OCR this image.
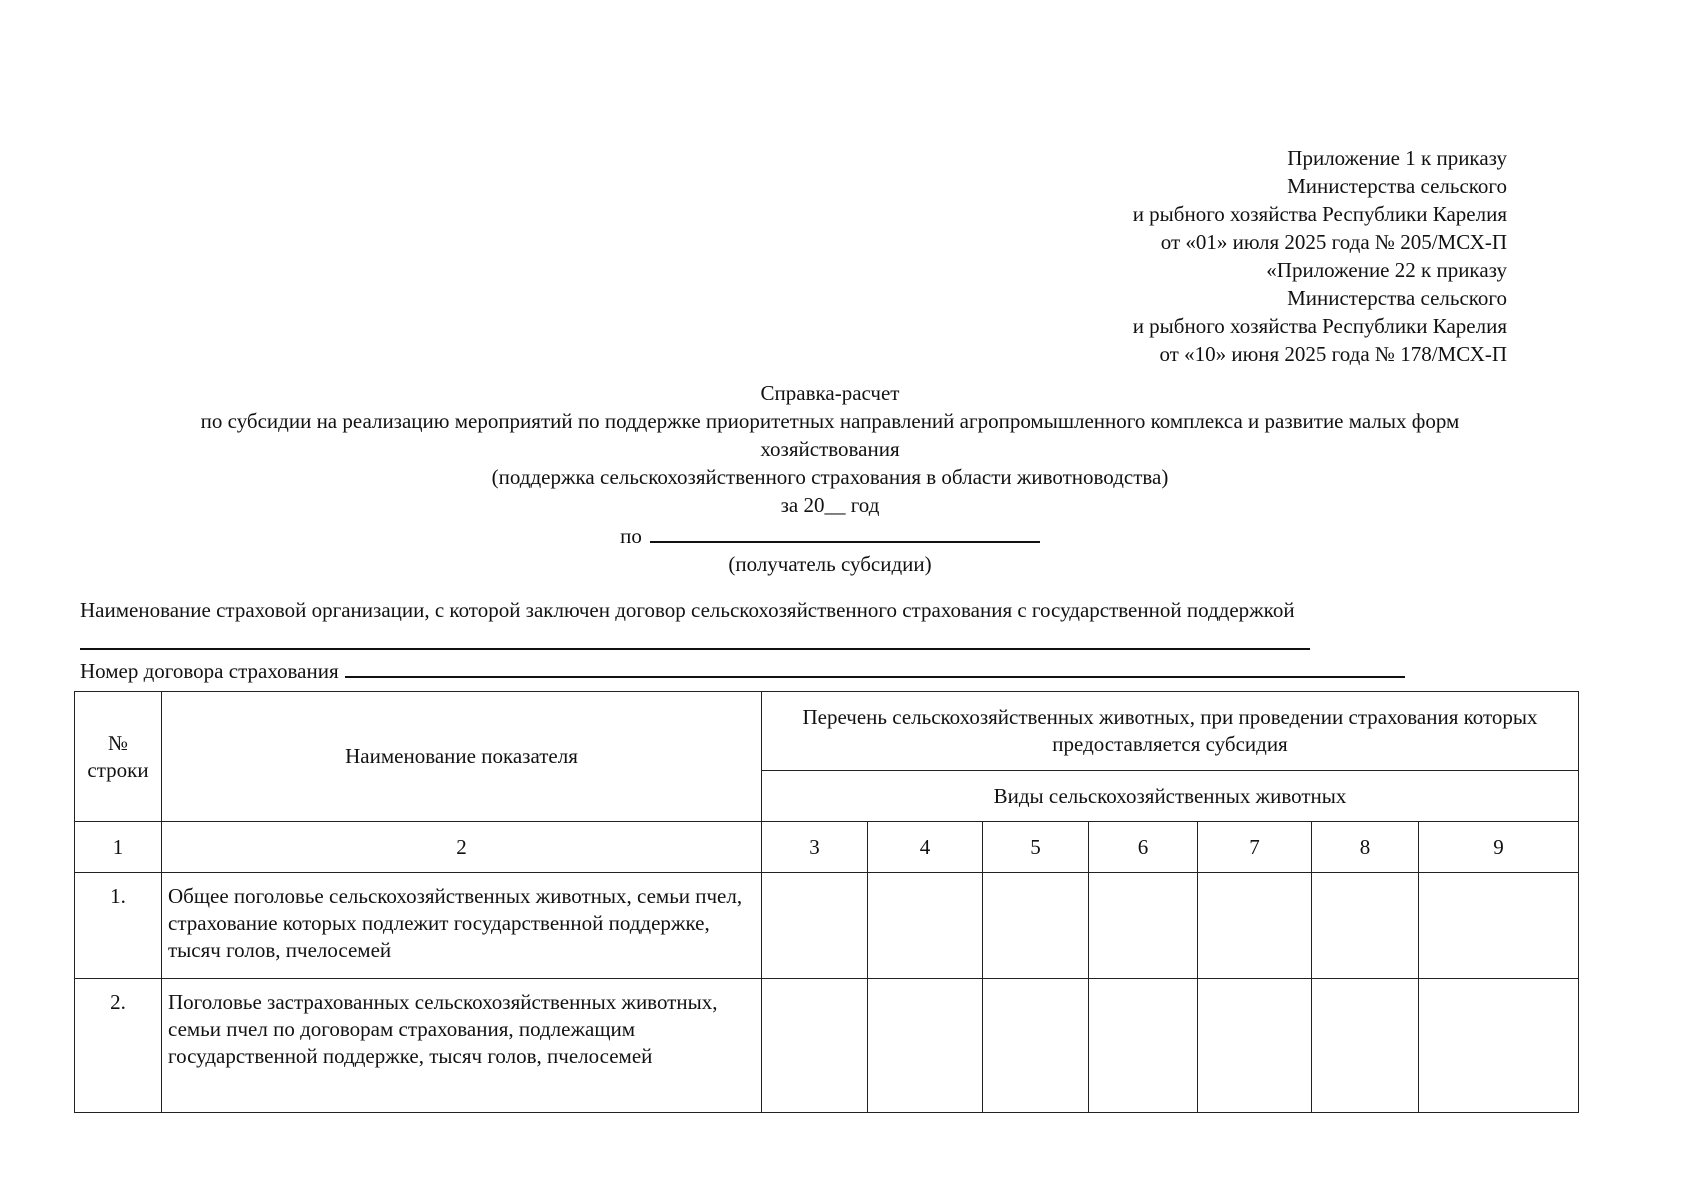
Приложение 1 к приказу
Министерства сельского
и рыбного хозяйства Республики Карелия
от «01» июля 2025 года № 205/МСХ-П
«Приложение 22 к приказу
Министерства сельского
и рыбного хозяйства Республики Карелия
от «10» июня 2025 года № 178/МСХ-П
Справка-расчет
по субсидии на реализацию мероприятий по поддержке приоритетных направлений агропромышленного комплекса и развитие малых форм
хозяйствования
(поддержка сельскохозяйственного страхования в области животноводства)
за 20__ год
по
(получатель субсидии)
Наименование страховой организации, с которой заключен договор сельскохозяйственного страхования с государственной поддержкой
Номер договора страхования
№ строки	Наименование показателя	Перечень сельскохозяйственных животных, при проведении страхования которых предоставляется субсидия						
		Виды сельскохозяйственных животных						
1	2	3	4	5	6	7	8	9
1.	Общее поголовье сельскохозяйственных животных, семьи пчел, страхование которых подлежит государственной поддержке, тысяч голов, пчелосемей							
2.	Поголовье застрахованных сельскохозяйственных животных, семьи пчел по договорам страхования, подлежащим государственной поддержке, тысяч голов, пчелосемей							
